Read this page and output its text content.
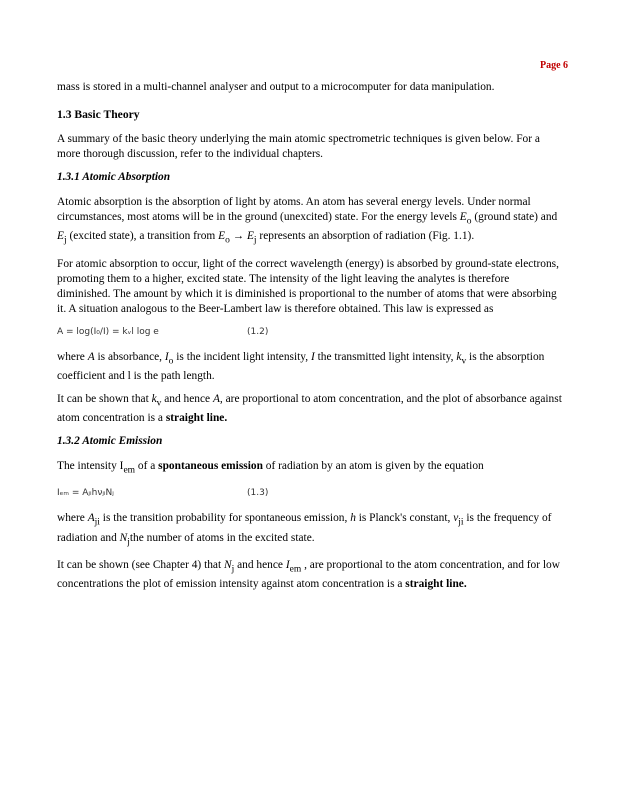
Page 6

mass is stored in a multi-channel analyser and output to a microcomputer for data manipulation.

1.3 Basic Theory

A summary of the basic theory underlying the main atomic spectrometric techniques is given below. For a more thorough discussion, refer to the individual chapters.

1.3.1 Atomic Absorption

Atomic absorption is the absorption of light by atoms. An atom has several energy levels. Under normal circumstances, most atoms will be in the ground (unexcited) state. For the energy levels $E_o$ (ground state) and $E_j$ (excited state), a transition from $E_o \to E_j$ represents an absorption of radiation (Fig. 1.1).

For atomic absorption to occur, light of the correct wavelength (energy) is absorbed by ground-state electrons, promoting them to a higher, excited state. The intensity of the light leaving the analytes is therefore diminished. The amount by which it is diminished is proportional to the number of atoms that were absorbing it. A situation analogous to the Beer-Lambert law is therefore obtained. This law is expressed as

A = log(I₀/I) = kᵥl log e	(1.2)

where A is absorbance, $I_o$ is the incident light intensity, I the transmitted light intensity, $k_v$ is the absorption coefficient and l is the path length.

It can be shown that $k_v$ and hence A, are proportional to atom concentration, and the plot of absorbance against atom concentration is a straight line.

1.3.2 Atomic Emission

The intensity $I_{em}$ of a spontaneous emission of radiation by an atom is given by the equation

Iₑₘ = AⱼᵢhνⱼᵢNⱼ	(1.3)

where $A_{ji}$ is the transition probability for spontaneous emission, h is Planck's constant, $\nu_{ji}$ is the frequency of radiation and $N_jthe$ number of atoms in the excited state.

It can be shown (see Chapter 4) that $N_j$ and hence $I_{em}$ , are proportional to the atom concentration, and for low concentrations the plot of emission intensity against atom concentration is a straight line.
